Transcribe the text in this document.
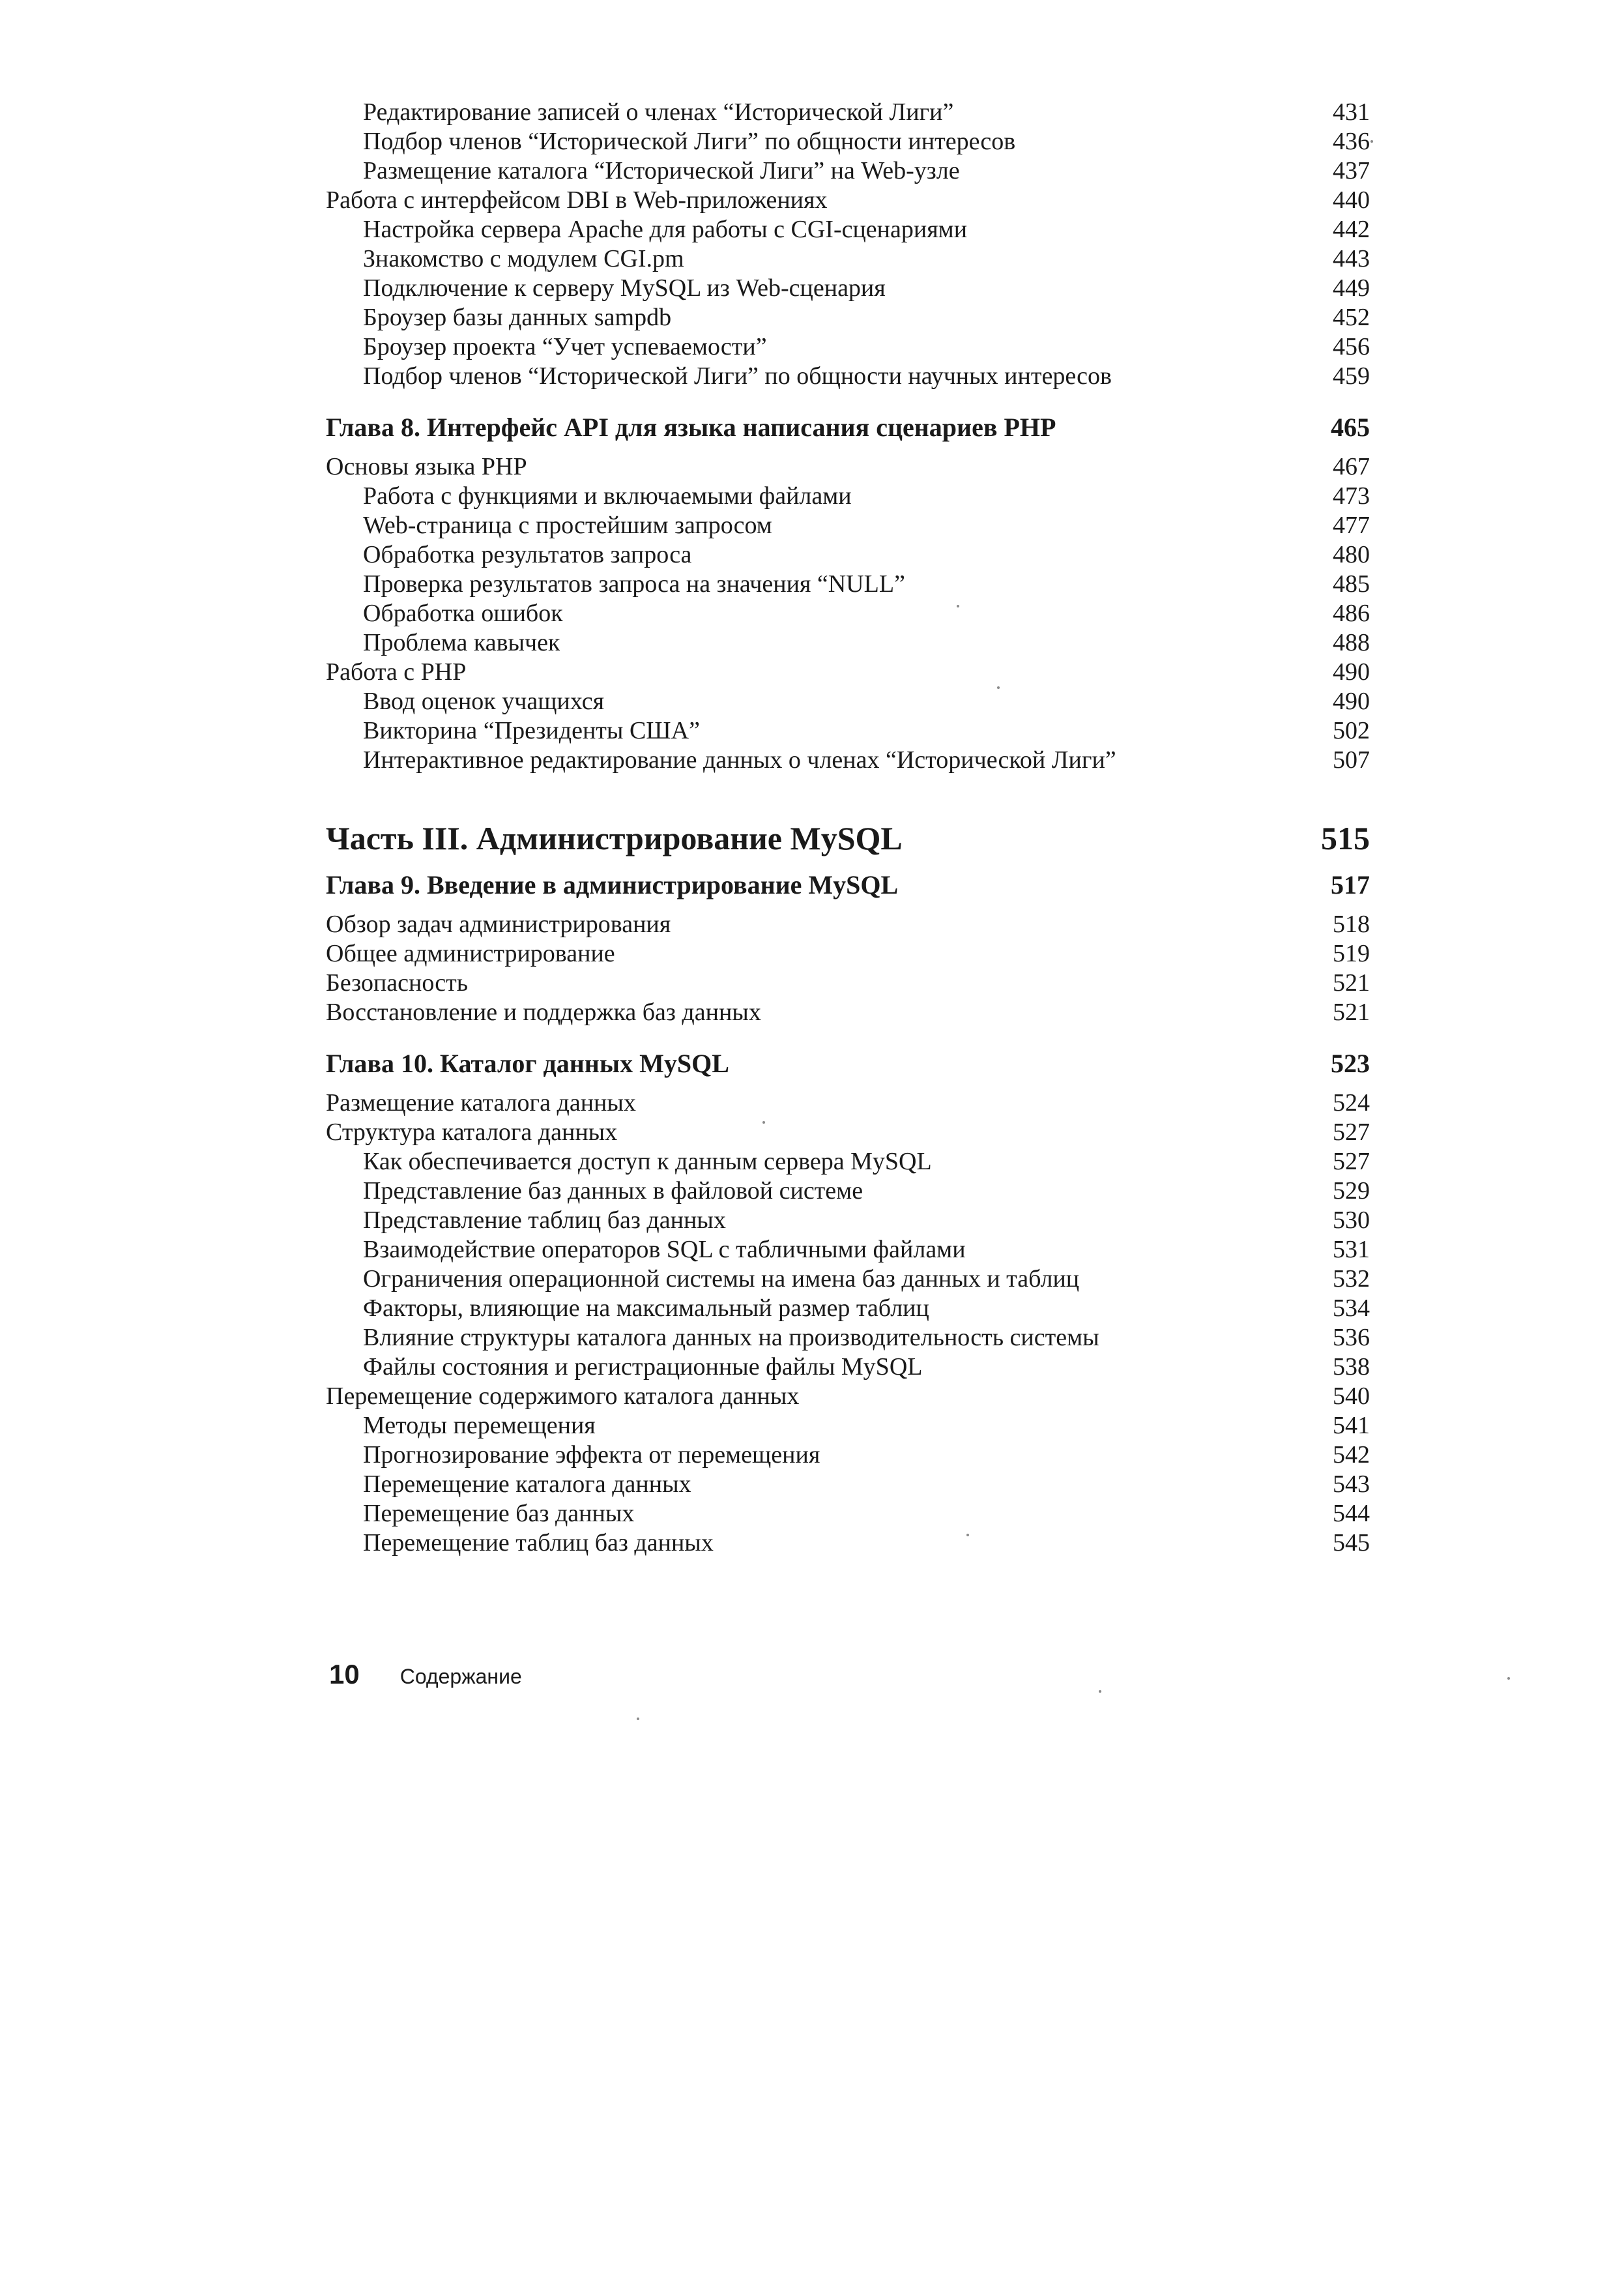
Редактирование записей о членах “Исторической Лиги”	431
Подбор членов “Исторической Лиги” по общности интересов	436
Размещение каталога “Исторической Лиги” на Web-узле	437
Работа с интерфейсом DBI в Web-приложениях	440
Настройка сервера Apache для работы с CGI-сценариями	442
Знакомство с модулем CGI.pm	443
Подключение к серверу MySQL из Web-сценария	449
Броузер базы данных sampdb	452
Броузер проекта “Учет успеваемости”	456
Подбор членов “Исторической Лиги” по общности научных интересов	459
Глава 8. Интерфейс API для языка написания сценариев PHP	465
Основы языка PHP	467
Работа с функциями и включаемыми файлами	473
Web-страница с простейшим запросом	477
Обработка результатов запроса	480
Проверка результатов запроса на значения “NULL”	485
Обработка ошибок	486
Проблема кавычек	488
Работа с PHP	490
Ввод оценок учащихся	490
Викторина “Президенты США”	502
Интерактивное редактирование данных о членах “Исторической Лиги”	507
Часть III. Администрирование MySQL	515
Глава 9. Введение в администрирование MySQL	517
Обзор задач администрирования	518
Общее администрирование	519
Безопасность	521
Восстановление и поддержка баз данных	521
Глава 10. Каталог данных MySQL	523
Размещение каталога данных	524
Структура каталога данных	527
Как обеспечивается доступ к данным сервера MySQL	527
Представление баз данных в файловой системе	529
Представление таблиц баз данных	530
Взаимодействие операторов SQL с табличными файлами	531
Ограничения операционной системы на имена баз данных и таблиц	532
Факторы, влияющие на максимальный размер таблиц	534
Влияние структуры каталога данных на производительность системы	536
Файлы состояния и регистрационные файлы MySQL	538
Перемещение содержимого каталога данных	540
Методы перемещения	541
Прогнозирование эффекта от перемещения	542
Перемещение каталога данных	543
Перемещение баз данных	544
Перемещение таблиц баз данных	545
10 Содержание
